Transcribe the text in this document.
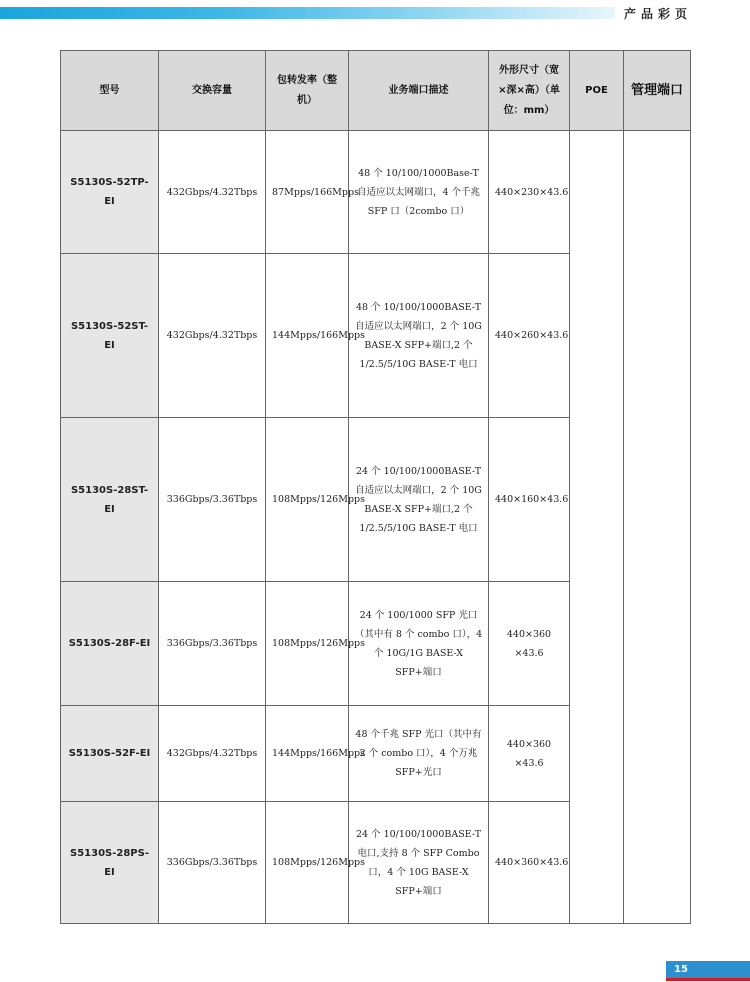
产品彩页
型号	交换容量	包转发率（整机）	业务端口描述	外形尺寸（宽×深×高）（单位：mm）	POE	管理端口
S5130S-52TP-EI	432Gbps/4.32Tbps	87Mpps/166Mpps	48 个 10/100/1000Base-T 自适应以太网端口，4 个千兆 SFP 口（2combo 口）	440×230×43.6		
S5130S-52ST-EI	432Gbps/4.32Tbps	144Mpps/166Mpps	48 个 10/100/1000BASE-T 自适应以太网端口，2 个 10G BASE-X SFP+端口,2 个 1/2.5/5/10G BASE-T 电口	440×260×43.6		
S5130S-28ST-EI	336Gbps/3.36Tbps	108Mpps/126Mpps	24 个 10/100/1000BASE-T 自适应以太网端口，2 个 10G BASE-X SFP+端口,2 个 1/2.5/5/10G BASE-T 电口	440×160×43.6		
S5130S-28F-EI	336Gbps/3.36Tbps	108Mpps/126Mpps	24 个 100/1000 SFP 光口（其中有 8 个 combo 口），4 个 10G/1G BASE-X SFP+端口	440×360 ×43.6		
S5130S-52F-EI	432Gbps/4.32Tbps	144Mpps/166Mpps	48 个千兆 SFP 光口（其中有 2 个 combo 口），4 个万兆 SFP+光口	440×360 ×43.6		
S5130S-28PS-EI	336Gbps/3.36Tbps	108Mpps/126Mpps	24 个 10/100/1000BASE-T 电口,支持 8 个 SFP Combo 口，4 个 10G BASE-X SFP+端口	440×360×43.6		
15
